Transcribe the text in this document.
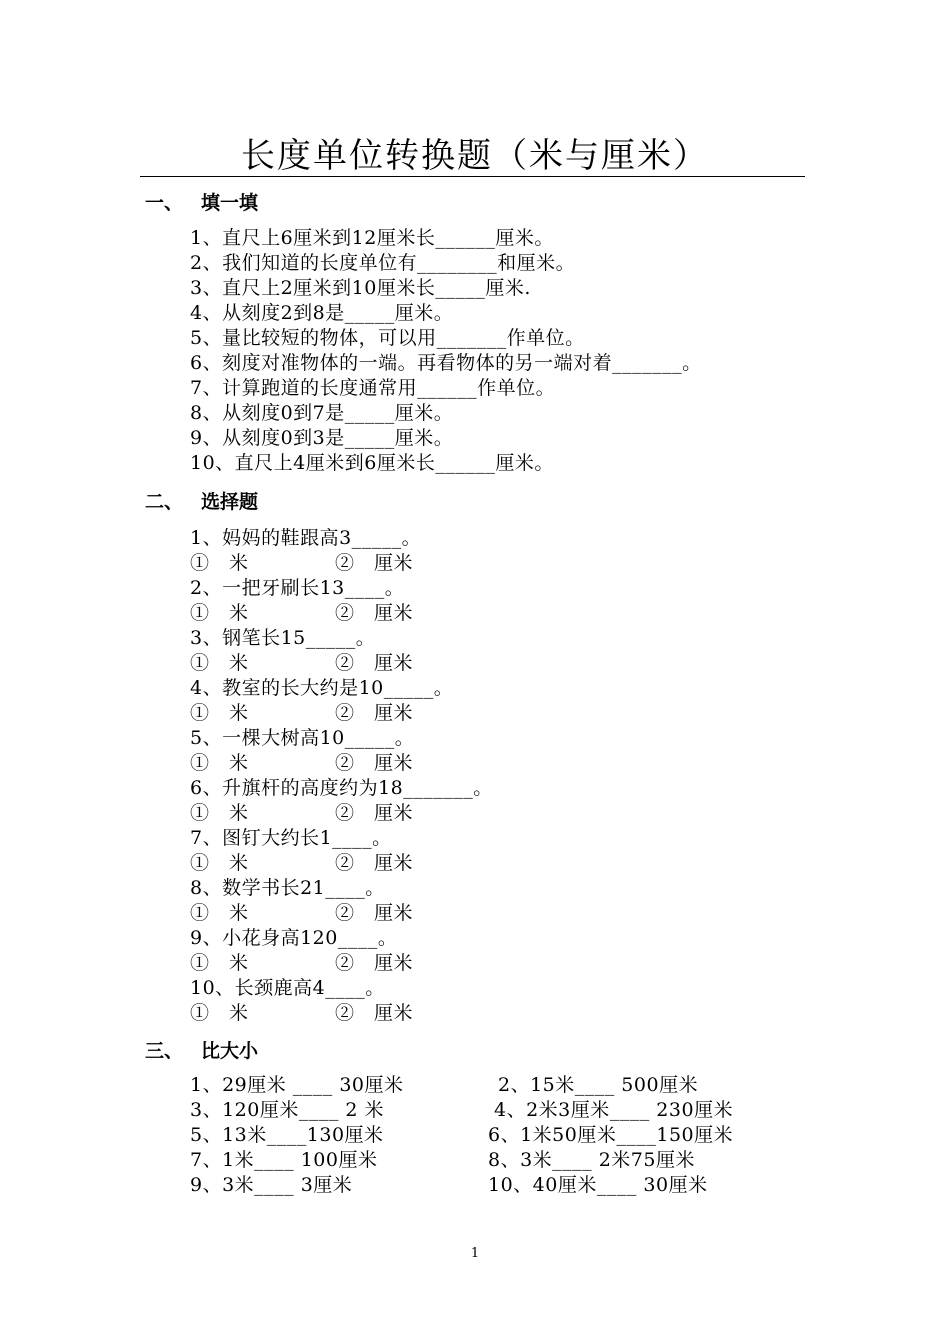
长度单位转换题（米与厘米）
一、 填一填
1、直尺上6厘米到12厘米长______厘米。
2、我们知道的长度单位有________和厘米。
3、直尺上2厘米到10厘米长_____厘米.
4、从刻度2到8是_____厘米。
5、量比较短的物体，可以用_______作单位。
6、刻度对准物体的一端。再看物体的另一端对着_______。
7、计算跑道的长度通常用______作单位。
8、从刻度0到7是_____厘米。
9、从刻度0到3是_____厘米。
10、直尺上4厘米到6厘米长______厘米。
二、 选择题
1、妈妈的鞋跟高3_____。
①　米	②　厘米
2、一把牙刷长13____。
①　米	②　厘米
3、钢笔长15_____。
①　米	②　厘米
4、教室的长大约是10_____。
①　米	②　厘米
5、一棵大树高10_____。
①　米	②　厘米
6、升旗杆的高度约为18_______。
①　米	②　厘米
7、图钉大约长1____。
①　米	②　厘米
8、数学书长21____。
①　米	②　厘米
9、小花身高120____。
①　米	②　厘米
10、长颈鹿高4____。
①　米	②　厘米
三、 比大小
1、29厘米 ____ 30厘米	2、15米____ 500厘米
3、120厘米____ 2 米	4、2米3厘米____ 230厘米
5、13米____130厘米	6、1米50厘米____150厘米
7、1米____ 100厘米	8、3米____ 2米75厘米
9、3米____ 3厘米	10、40厘米____ 30厘米
1
